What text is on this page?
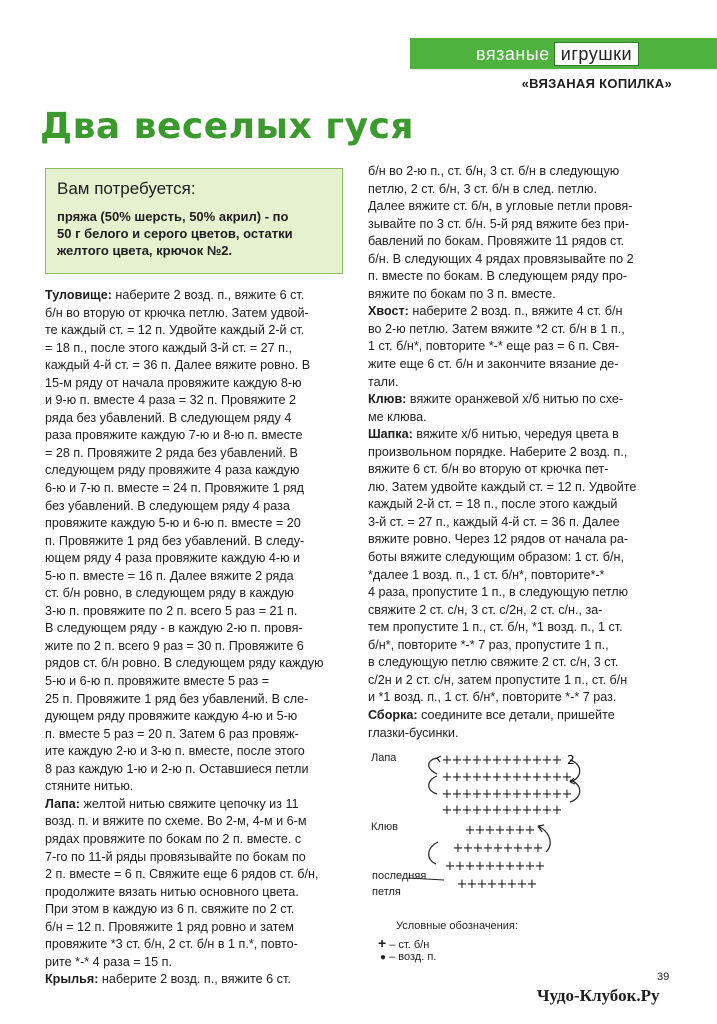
вязаные игрушки
«ВЯЗАНАЯ КОПИЛКА»
Два веселых гуся
Вам потребуется:
пряжа (50% шерсть, 50% акрил) - по
50 г белого и серого цветов, остатки
желтого цвета, крючок №2.
Туловище: наберите 2 возд. п., вяжите 6 ст.
б/н во вторую от крючка петлю. Затем удвой-
те каждый ст. = 12 п. Удвойте каждый 2-й ст.
= 18 п., после этого каждый 3-й ст. = 27 п.,
каждый 4-й ст. = 36 п. Далее вяжите ровно. В
15-м ряду от начала провяжите каждую 8-ю
и 9-ю п. вместе 4 раза = 32 п. Провяжите 2
ряда без убавлений. В следующем ряду 4
раза провяжите каждую 7-ю и 8-ю п. вместе
= 28 п. Провяжите 2 ряда без убавлений. В
следующем ряду провяжите 4 раза каждую
6-ю и 7-ю п. вместе = 24 п. Провяжите 1 ряд
без убавлений. В следующем ряду 4 раза
провяжите каждую 5-ю и 6-ю п. вместе = 20
п. Провяжите 1 ряд без убавлений. В следу-
ющем ряду 4 раза провяжите каждую 4-ю и
5-ю п. вместе = 16 п. Далее вяжите 2 ряда
ст. б/н ровно, в следующем ряду в каждую
3-ю п. провяжите по 2 п. всего 5 раз = 21 п.
В следующем ряду - в каждую 2-ю п. провя-
жите по 2 п. всего 9 раз = 30 п. Провяжите 6
рядов ст. б/н ровно. В следующем ряду каждую
5-ю и 6-ю п. провяжите вместе 5 раз =
25 п. Провяжите 1 ряд без убавлений. В сле-
дующем ряду провяжите каждую 4-ю и 5-ю
п. вместе 5 раз = 20 п. Затем 6 раз провяж-
ите каждую 2-ю и 3-ю п. вместе, после этого
8 раз каждую 1-ю и 2-ю п. Оставшиеся петли
стяните нитью.
Лапа: желтой нитью свяжите цепочку из 11
возд. п. и вяжите по схеме. Во 2-м, 4-м и 6-м
рядах провяжите по бокам по 2 п. вместе. с
7-го по 11-й ряды провязывайте по бокам по
2 п. вместе = 6 п. Свяжите еще 6 рядов ст. б/н,
продолжите вязать нитью основного цвета.
При этом в каждую из 6 п. свяжите по 2 ст.
б/н = 12 п. Провяжите 1 ряд ровно и затем
провяжите *3 ст. б/н, 2 ст. б/н в 1 п.*, повто-
рите *-* 4 раза = 15 п.
Крылья: наберите 2 возд. п., вяжите 6 ст.
б/н во 2-ю п., ст. б/н, 3 ст. б/н в следующую
петлю, 2 ст. б/н, 3 ст. б/н в след. петлю.
Далее вяжите ст. б/н, в угловые петли провя-
зывайте по 3 ст. б/н. 5-й ряд вяжите без при-
бавлений по бокам. Провяжите 11 рядов ст.
б/н. В следующих 4 рядах провязывайте по 2
п. вместе по бокам. В следующем ряду про-
вяжите по бокам по 3 п. вместе.
Хвост: наберите 2 возд. п., вяжите 4 ст. б/н
во 2-ю петлю. Затем вяжите *2 ст. б/н в 1 п.,
1 ст. б/н*, повторите *-* еще раз = 6 п. Свя-
жите еще 6 ст. б/н и закончите вязание де-
тали.
Клюв: вяжите оранжевой х/б нитью по схе-
ме клюва.
Шапка: вяжите х/б нитью, чередуя цвета в
произвольном порядке. Наберите 2 возд. п.,
вяжите 6 ст. б/н во вторую от крючка пет-
лю. Затем удвойте каждый ст. = 12 п. Удвойте
каждый 2-й ст. = 18 п., после этого каждый
3-й ст. = 27 п., каждый 4-й ст. = 36 п. Далее
вяжите ровно. Через 12 рядов от начала ра-
боты вяжите следующим образом: 1 ст. б/н,
*далее 1 возд. п., 1 ст. б/н*, повторите*-*
4 раза, пропустите 1 п., в следующую петлю
свяжите 2 ст. с/н, 3 ст. с/2н, 2 ст. с/н., за-
тем пропустите 1 п., ст. б/н, *1 возд. п., 1 ст.
б/н*, повторите *-* 7 раз, пропустите 1 п.,
в следующую петлю свяжите 2 ст. с/н, 3 ст.
с/2н и 2 ст. с/н, затем пропустите 1 п., ст. б/н
и *1 возд. п., 1 ст. б/н*, повторите *-* 7 раз.
Сборка: соедините все детали, пришейте
глазки-бусинки.
Лапа	+ + + + + + + + + + + +
+ + + + + + + + + + + + +
+ + + + + + + + + + + + +
+ + + + + + + + + + + +
2
Клюв
последняя
петля
+ + + + + + +
+ + + + + + + + +
+ + + + + + + + + +
+ + + + + + + +
Условные обозначения:
+ – ст. б/н
● – возд. п.
39
Чудо-Клубок.Ру
